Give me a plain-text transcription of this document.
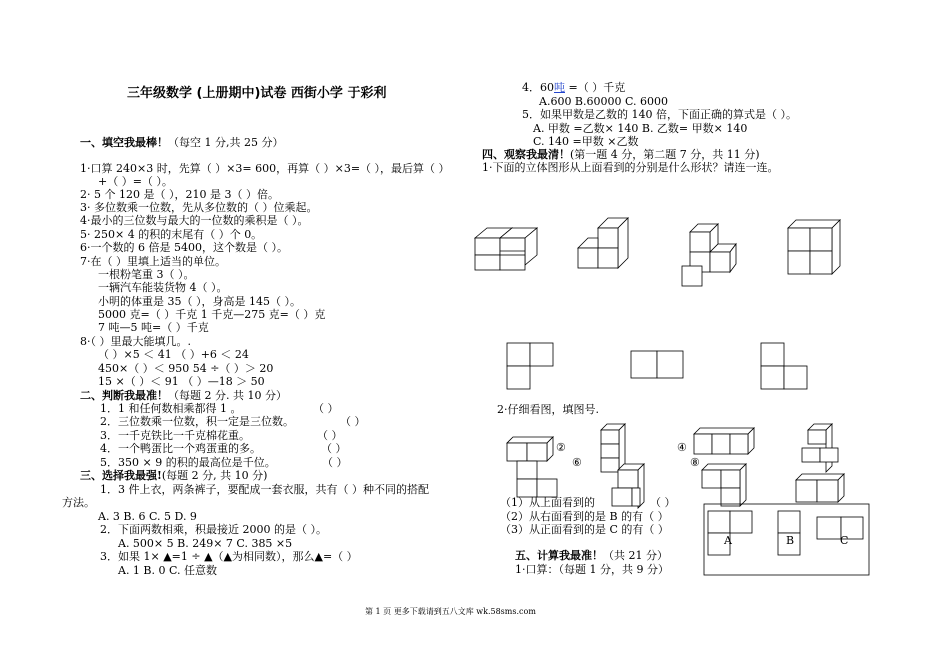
三年级数学 (上册期中)试卷 西街小学 于彩利
一、填空我最棒！（每空 1 分,共 25 分）
1·口算 240×3 时，先算（ ）×3= 600，再算（ ）×3=（ ），最后算（ ）
+（ ）=（ ）。
2· 5 个 120 是（ ），210 是 3（ ）倍。
3· 多位数乘一位数，先从多位数的（ ）位乘起。
4·最小的三位数与最大的一位数的乘积是（ ）。
5· 250× 4 的积的末尾有（ ）个 0。
6·一个数的 6 倍是 5400，这个数是（ ）。
7·在（ ）里填上适当的单位。
一根粉笔重 3（ ）。
一辆汽车能装货物 4（ ）。
小明的体重是 35（ ），身高是 145（ ）。
5000 克=（ ）千克 1 千克—275 克=（ ）克
7 吨—5 吨=（ ）千克
8·（ ）里最大能填几。.
（ ）×5 ＜ 41 （ ）+6 ＜ 24
450×（ ）＜ 950 54 ÷（ ）＞ 20
15 ×（ ）＜ 91 （ ）—18 ＞ 50
二、判断我最准！（每题 2 分. 共 10 分）
1．1 和任何数相乘都得 1 。	（ ）
2．三位数乘一位数，积一定是三位数。	（ ）
3．一千克铁比一千克棉花重。	（ ）
4．一个鸭蛋比一个鸡蛋重的多。	（ ）
5．350 × 9 的积的最高位是千位。	（ ）
三、选择我最强!(每题 2 分, 共 10 分)
1．3 件上衣，两条裤子，要配成一套衣服，共有（ ）种不同的搭配
方法。
A. 3 B. 6 C. 5 D. 9
2．下面两数相乘，积最接近 2000 的是（ ）。
A. 500× 5 B. 249× 7 C. 385 ×5
3．如果 1× ▲=1 ÷ ▲（▲为相同数），那么▲=（ ）
A. 1 B. 0 C. 任意数
4．60吨 =（ ）千克
A.600 B.60000 C. 6000
5．如果甲数是乙数的 140 倍，下面正确的算式是（ ）。
A. 甲数 =乙数× 140 B. 乙数= 甲数× 140
C. 140 =甲数 ×乙数
四、观察我最清！(第一题 4 分，第二题 7 分，共 11 分)
1·下面的立体图形从上面看到的分别是什么形状？请连一连。
2·仔细看图，填图号.
②	④
⑥	⑧
（1）从上面看到的	（ ）
（2）从右面看到的是 B 的有（ ）
（3）从正面看到的是 C 的有（ ）
A	B	C
五、计算我最准！（共 21 分）
1·口算：（每题 1 分，共 9 分）
第 1 页 更多下载请到五八文库 wk.58sms.com
